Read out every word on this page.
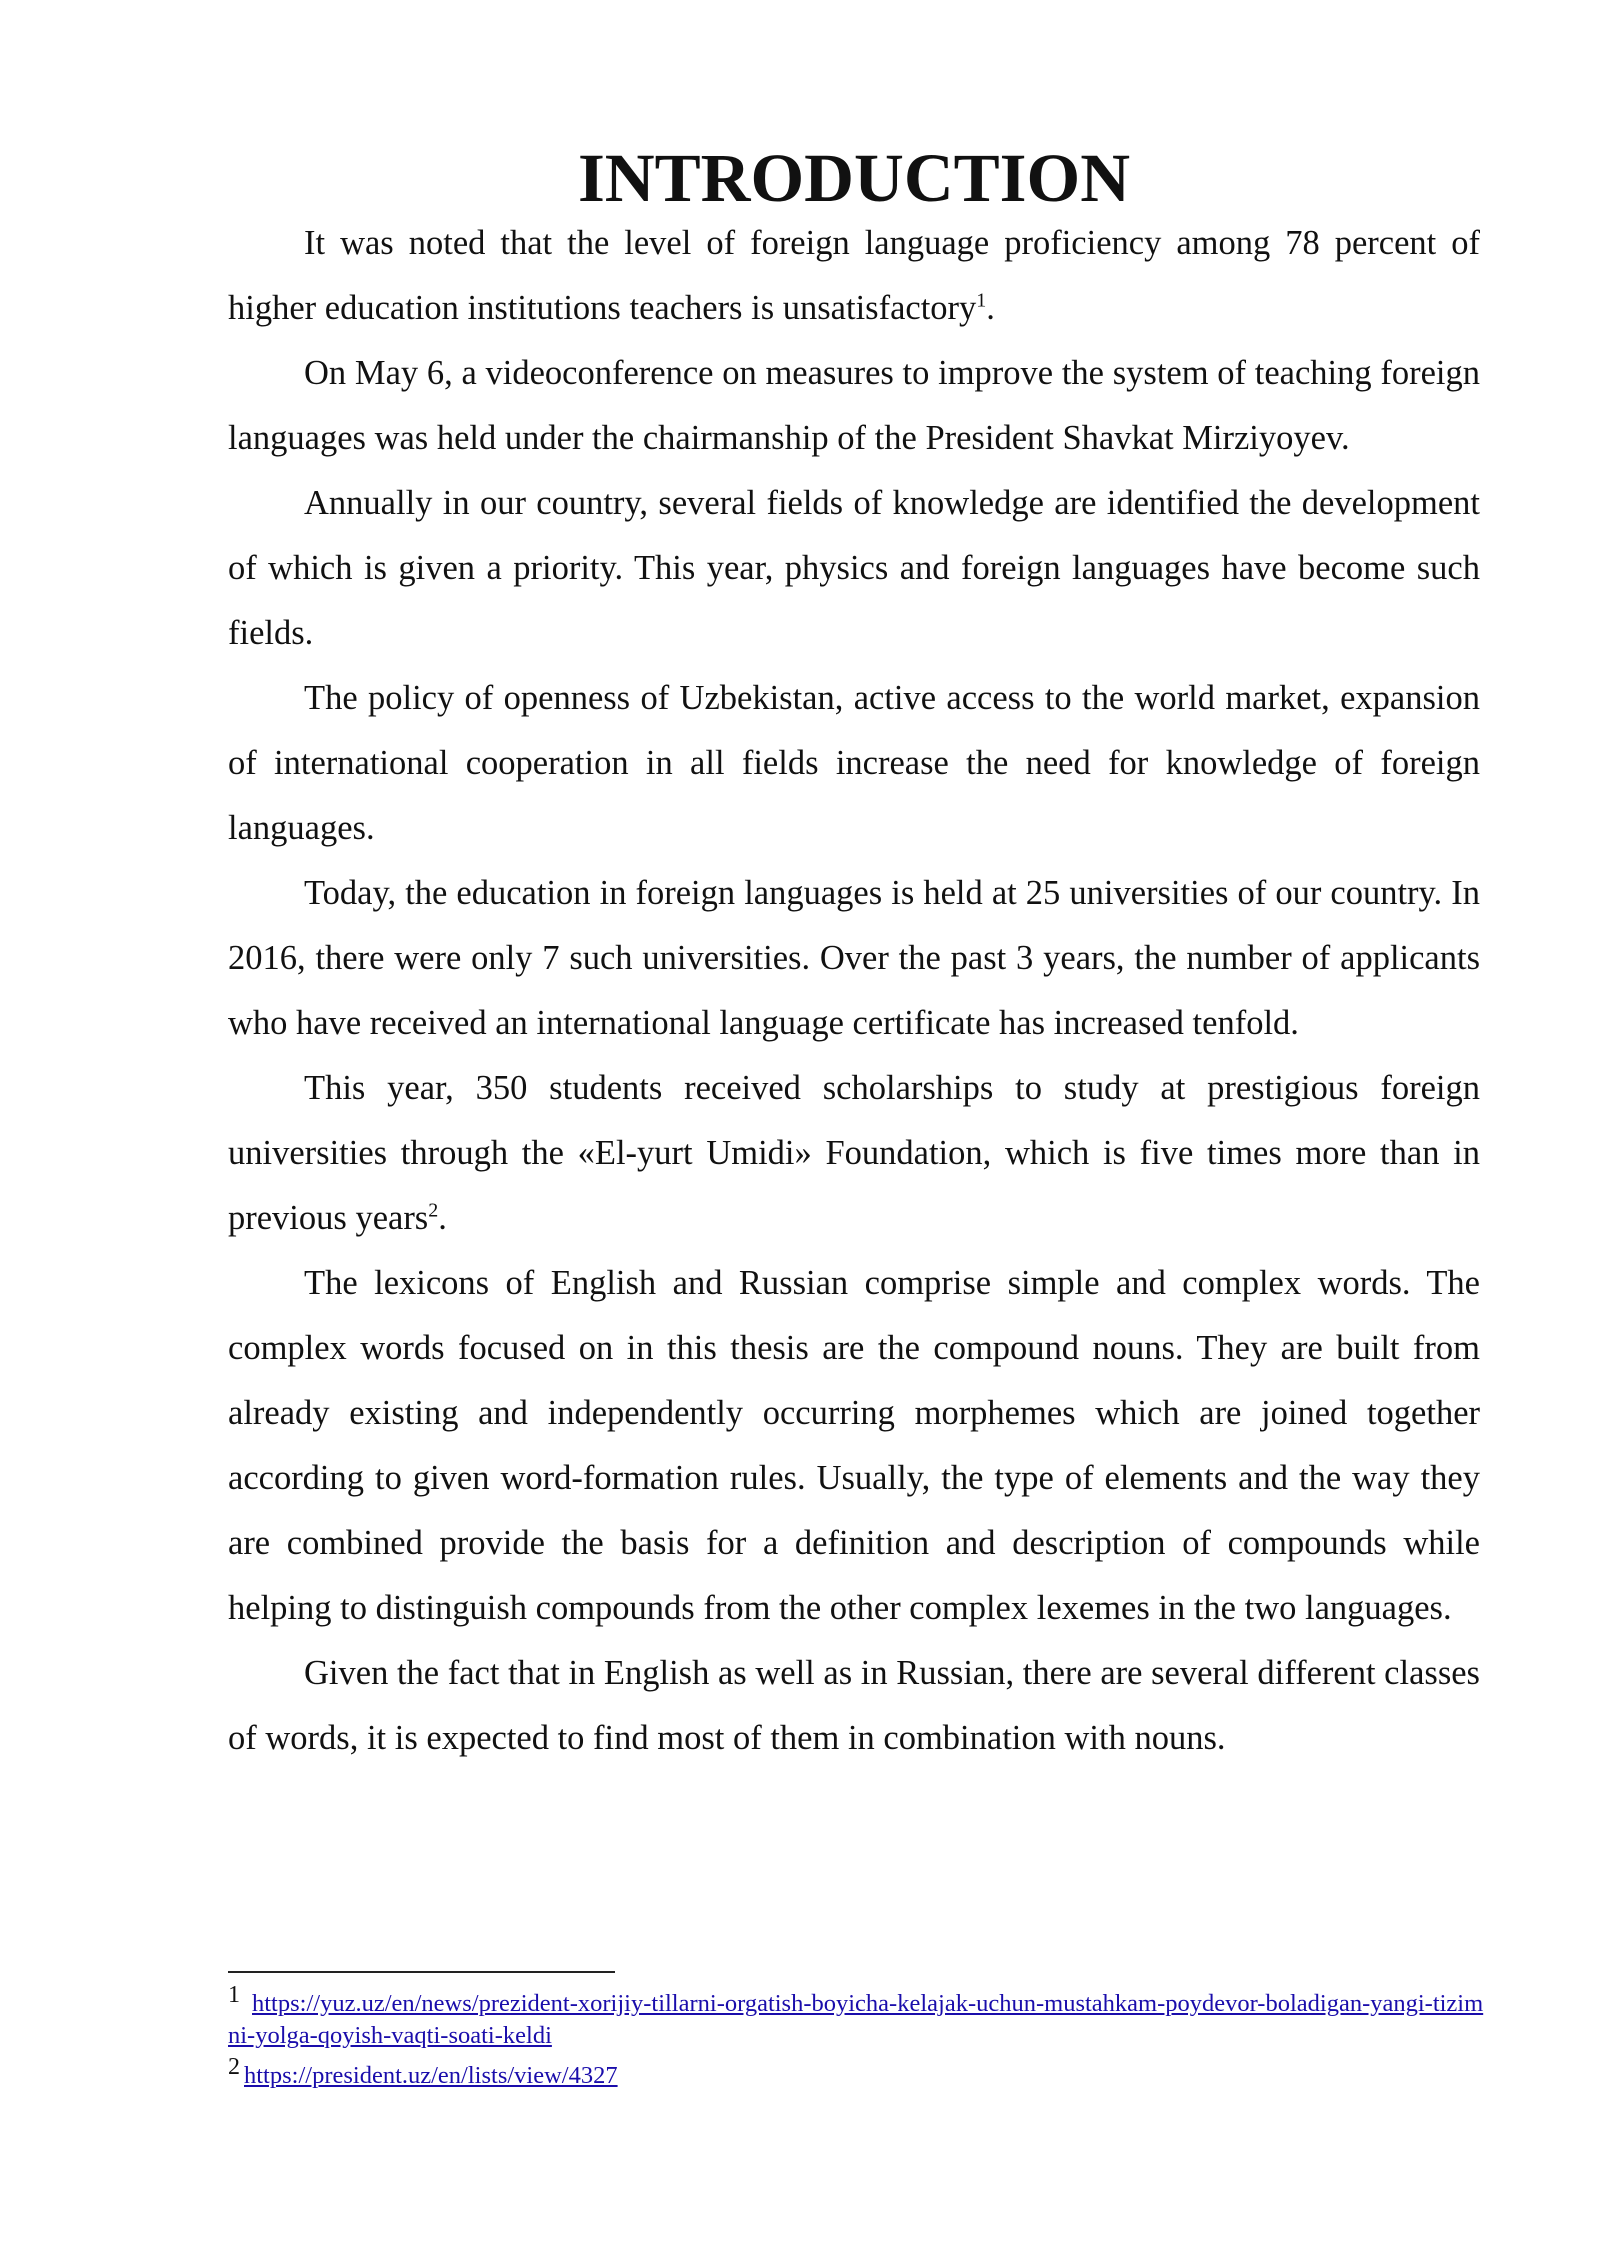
INTRODUCTION

It was noted that the level of foreign language proficiency among 78 percent of higher education institutions teachers is unsatisfactory$^1$.

On May 6, a videoconference on measures to improve the system of teaching foreign languages was held under the chairmanship of the President Shavkat Mirziyoyev.

Annually in our country, several fields of knowledge are identified the development of which is given a priority. This year, physics and foreign languages have become such fields.

The policy of openness of Uzbekistan, active access to the world market, expansion of international cooperation in all fields increase the need for knowledge of foreign languages.

Today, the education in foreign languages is held at 25 universities of our country. In 2016, there were only 7 such universities. Over the past 3 years, the number of applicants who have received an international language certificate has increased tenfold.

This year, 350 students received scholarships to study at prestigious foreign universities through the «El-yurt Umidi» Foundation, which is five times more than in previous years$^2$.

The lexicons of English and Russian comprise simple and complex words. The complex words focused on in this thesis are the compound nouns. They are built from already existing and independently occurring morphemes which are joined together according to given word-formation rules. Usually, the type of elements and the way they are combined provide the basis for a definition and description of compounds while helping to distinguish compounds from the other complex lexemes in the two languages.

Given the fact that in English as well as in Russian, there are several different classes of words, it is expected to find most of them in combination with nouns.

1 https://yuz.uz/en/news/prezident-xorijiy-tillarni-orgatish-boyicha-kelajak-uchun-mustahkam-poydevor-boladigan-yangi-tizimni-yolga-qoyish-vaqti-soati-keldi

2 https://president.uz/en/lists/view/4327
